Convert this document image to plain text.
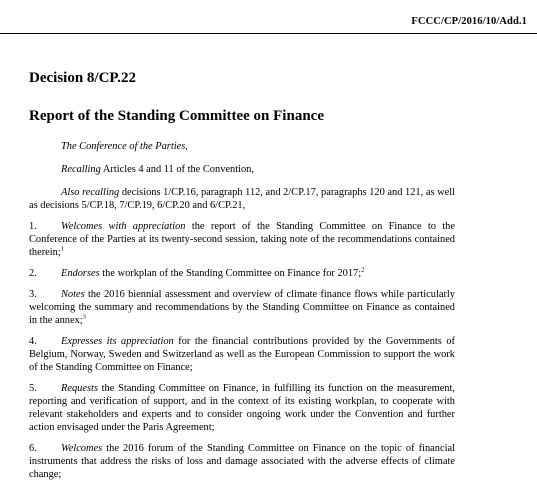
FCCC/CP/2016/10/Add.1
Decision 8/CP.22
Report of the Standing Committee on Finance

The Conference of the Parties,

Recalling Articles 4 and 11 of the Convention,

Also recalling decisions 1/CP.16, paragraph 112, and 2/CP.17, paragraphs 120 and 121, as well as decisions 5/CP.18, 7/CP.19, 6/CP.20 and 6/CP.21,

1. Welcomes with appreciation the report of the Standing Committee on Finance to the Conference of the Parties at its twenty-second session, taking note of the recommendations contained therein;$^1$

2. Endorses the workplan of the Standing Committee on Finance for 2017;$^2$

3. Notes the 2016 biennial assessment and overview of climate finance flows while particularly welcoming the summary and recommendations by the Standing Committee on Finance as contained in the annex;$^3$

4. Expresses its appreciation for the financial contributions provided by the Governments of Belgium, Norway, Sweden and Switzerland as well as the European Commission to support the work of the Standing Committee on Finance;

5. Requests the Standing Committee on Finance, in fulfilling its function on the measurement, reporting and verification of support, and in the context of its existing workplan, to cooperate with relevant stakeholders and experts and to consider ongoing work under the Convention and further action envisaged under the Paris Agreement;

6. Welcomes the 2016 forum of the Standing Committee on Finance on the topic of financial instruments that address the risks of loss and damage associated with the adverse effects of climate change;
